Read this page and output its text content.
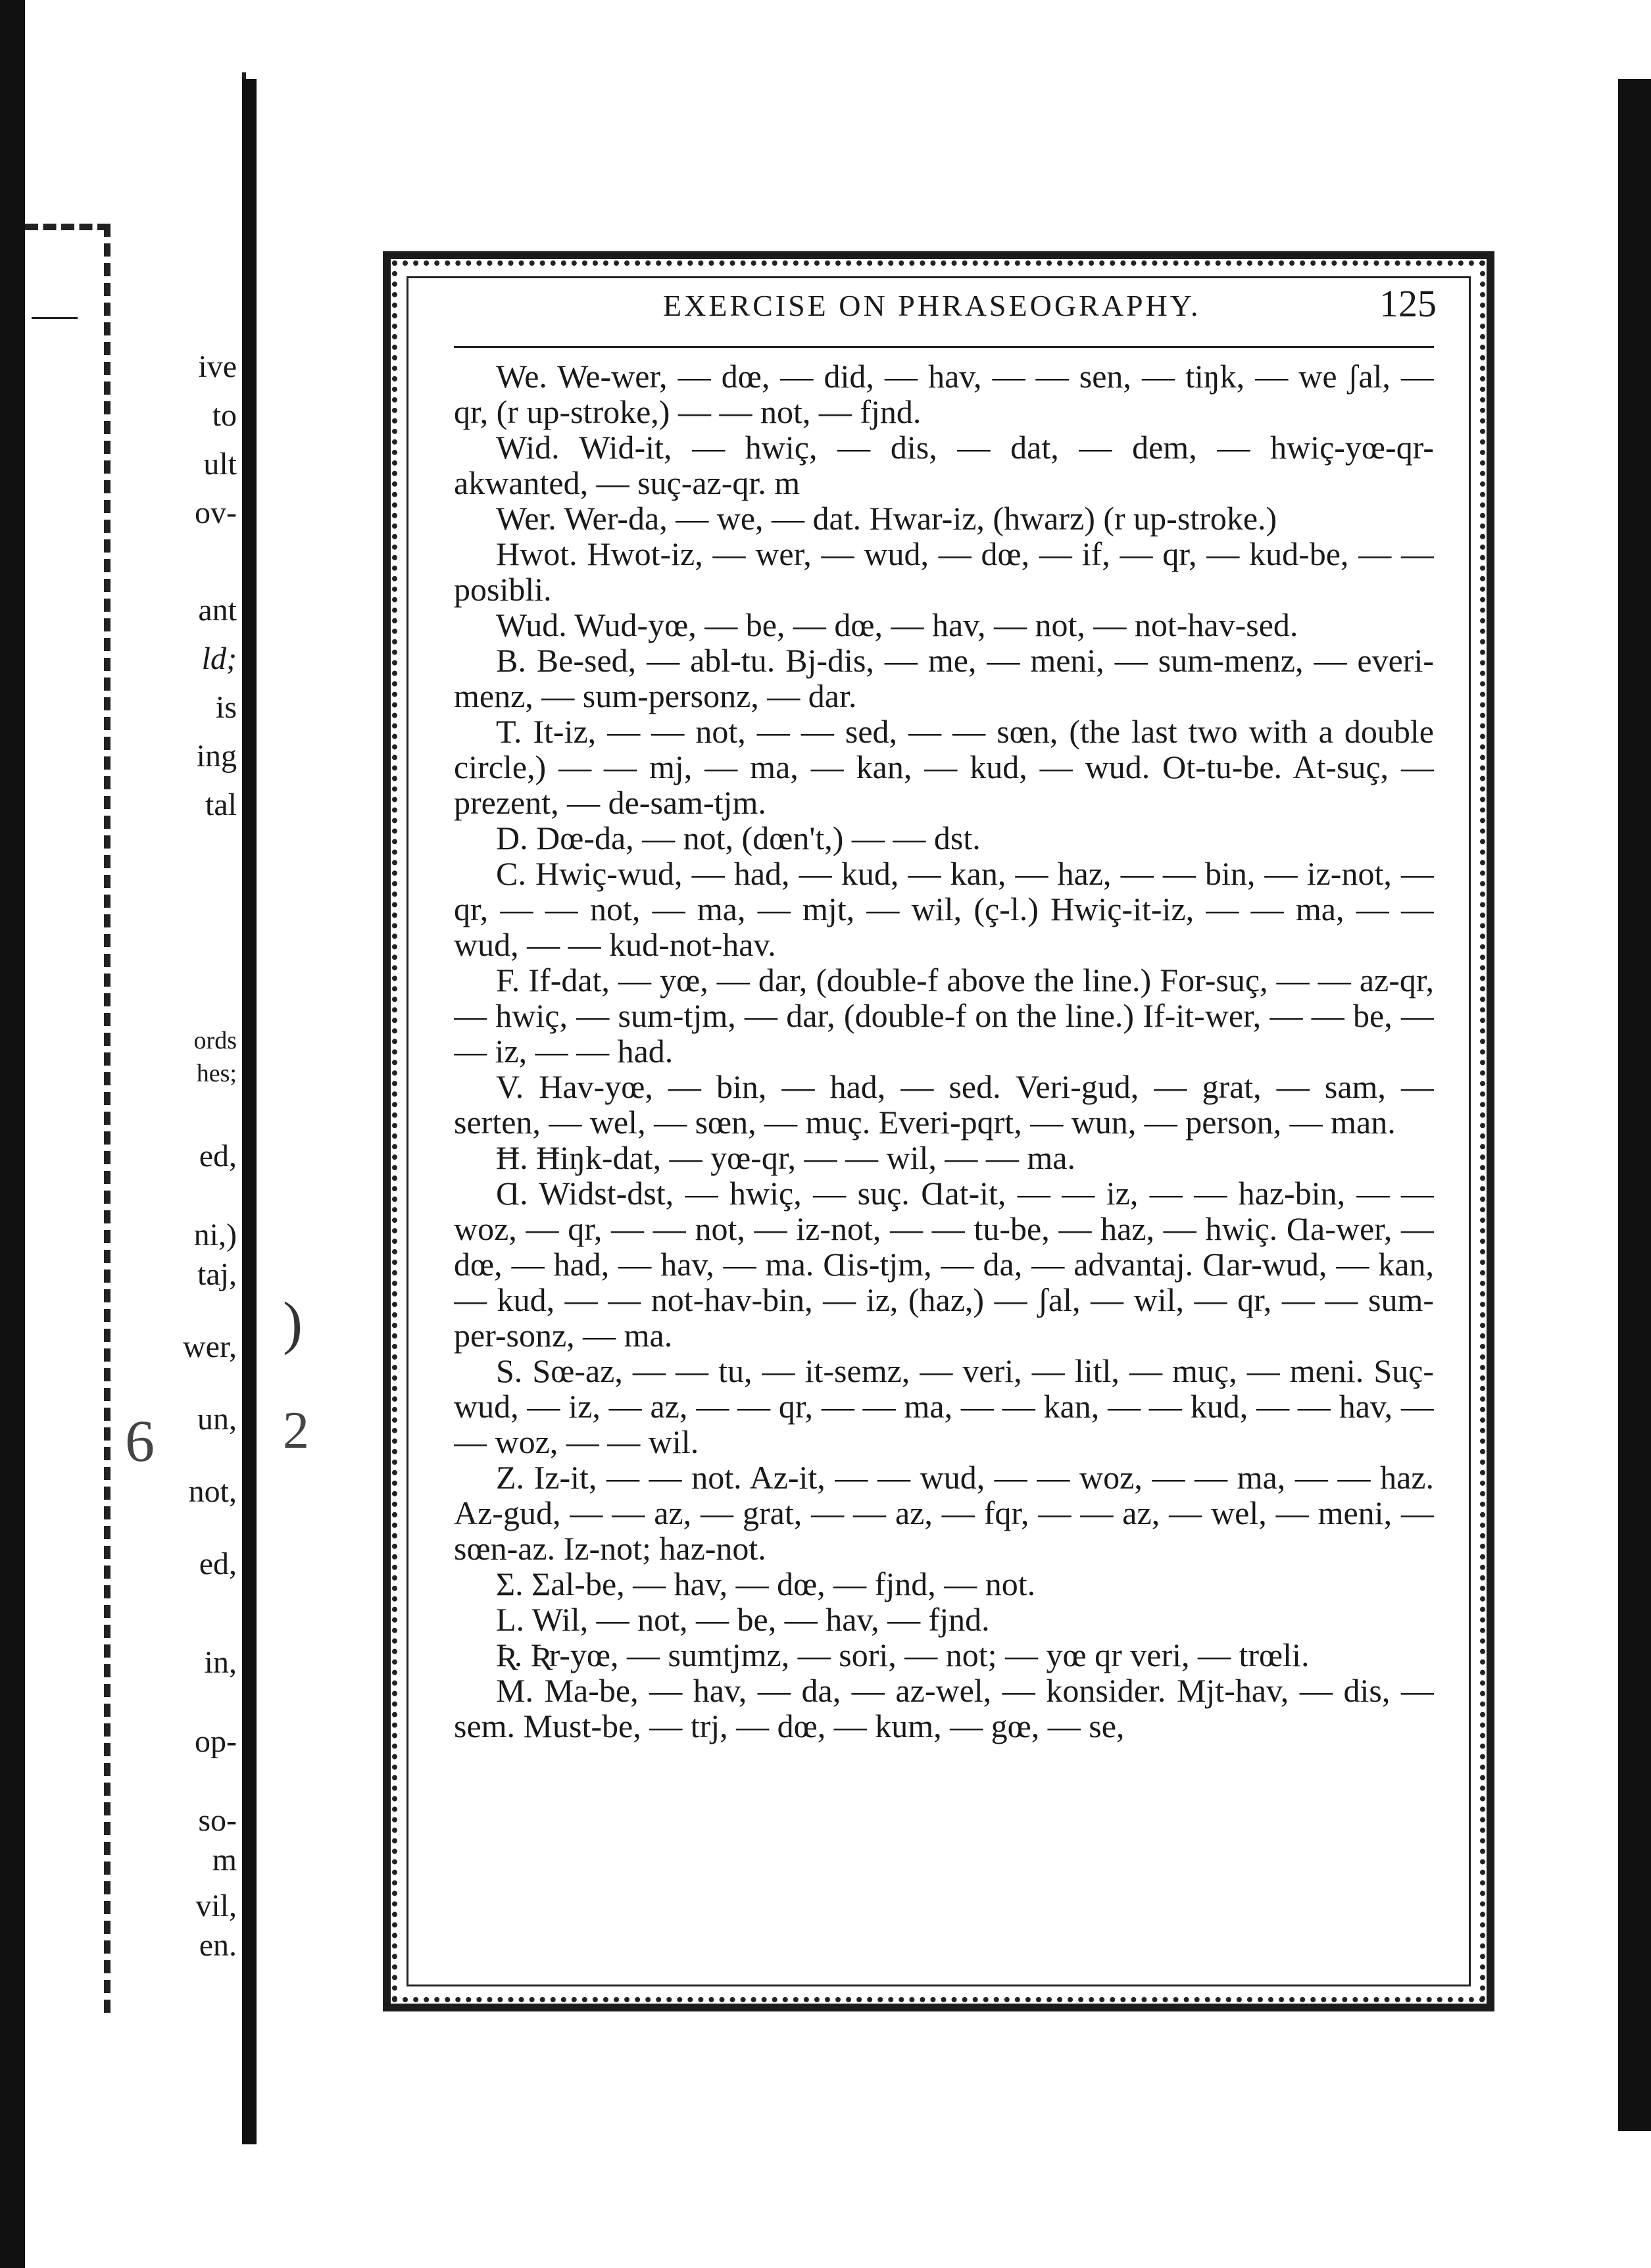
ive
to
ult
ov-
ant
ld;
is
ing
tal
ords
hes;
ed,
ni,)
taj,
wer,
un,
not,
ed,
in,
op-
so-
m
vil,
en.
EXERCISE ON PHRASEOGRAPHY.	125

We. We-wer, — dœ, — did, — hav, — — sen, — tiŋk, — we ʃal, — qr, (r up-stroke,) — — not, — fjnd.

Wid. Wid-it, — hwiç, — dis, — dat, — dem, — hwiç-yœ-qr-akwanted, — suç-az-qr. m

Wer. Wer-da, — we, — dat. Hwar-iz, (hwarz) (r up-stroke.)

Hwot. Hwot-iz, — wer, — wud, — dœ, — if, — qr, — kud-be, — — posibli.

Wud. Wud-yœ, — be, — dœ, — hav, — not, — not-hav-sed.

B. Be-sed, — abl-tu. Bj-dis, — me, — meni, — sum-menz, — everi-menz, — sum-personz, — dar.

T. It-iz, — — not, — — sed, — — sœn, (the last two with a double circle,) — — mj, — ma, — kan, — kud, — wud. Ot-tu-be. At-suç, — prezent, — de-sam-tjm.

D. Dœ-da, — not, (dœn't,) — — dst.

C. Hwiç-wud, — had, — kud, — kan, — haz, — — bin, — iz-not, — qr, — — not, — ma, — mjt, — wil, (ç-l.) Hwiç-it-iz, — — ma, — — wud, — — kud-not-hav.

F. If-dat, — yœ, — dar, (double-f above the line.) For-suç, — — az-qr, — hwiç, — sum-tjm, — dar, (double-f on the line.) If-it-wer, — — be, — — iz, — — had.

V. Hav-yœ, — bin, — had, — sed. Veri-gud, — grat, — sam, — serten, — wel, — sœn, — muç. Everi-pqrt, — wun, — person, — man.

Ħ. Ħiŋk-dat, — yœ-qr, — — wil, — — ma.

Ɑ. Widst-dst, — hwiç, — suç. Ɑat-it, — — iz, — — haz-bin, — — woz, — qr, — — not, — iz-not, — — tu-be, — haz, — hwiç. Ɑa-wer, — dœ, — had, — hav, — ma. Ɑis-tjm, — da, — advantaj. Ɑar-wud, — kan, — kud, — — not-hav-bin, — iz, (haz,) — ʃal, — wil, — qr, — — sum-per-sonz, — ma.

S. Sœ-az, — — tu, — it-semz, — veri, — litl, — muç, — meni. Suç-wud, — iz, — az, — — qr, — — ma, — — kan, — — kud, — — hav, — — woz, — — wil.

Z. Iz-it, — — not. Az-it, — — wud, — — woz, — — ma, — — haz. Az-gud, — — az, — grat, — — az, — fqr, — — az, — wel, — meni, — sœn-az. Iz-not; haz-not.

Σ. Σal-be, — hav, — dœ, — fjnd, — not.

L. Wil, — not, — be, — hav, — fjnd.

Ʀ. Ʀr-yœ, — sumtjmz, — sori, — not; — yœ qr veri, — trœli.

M. Ma-be, — hav, — da, — az-wel, — konsider. Mjt-hav, — dis, — sem. Must-be, — trj, — dœ, — kum, — gœ, — se,

)
6 2
